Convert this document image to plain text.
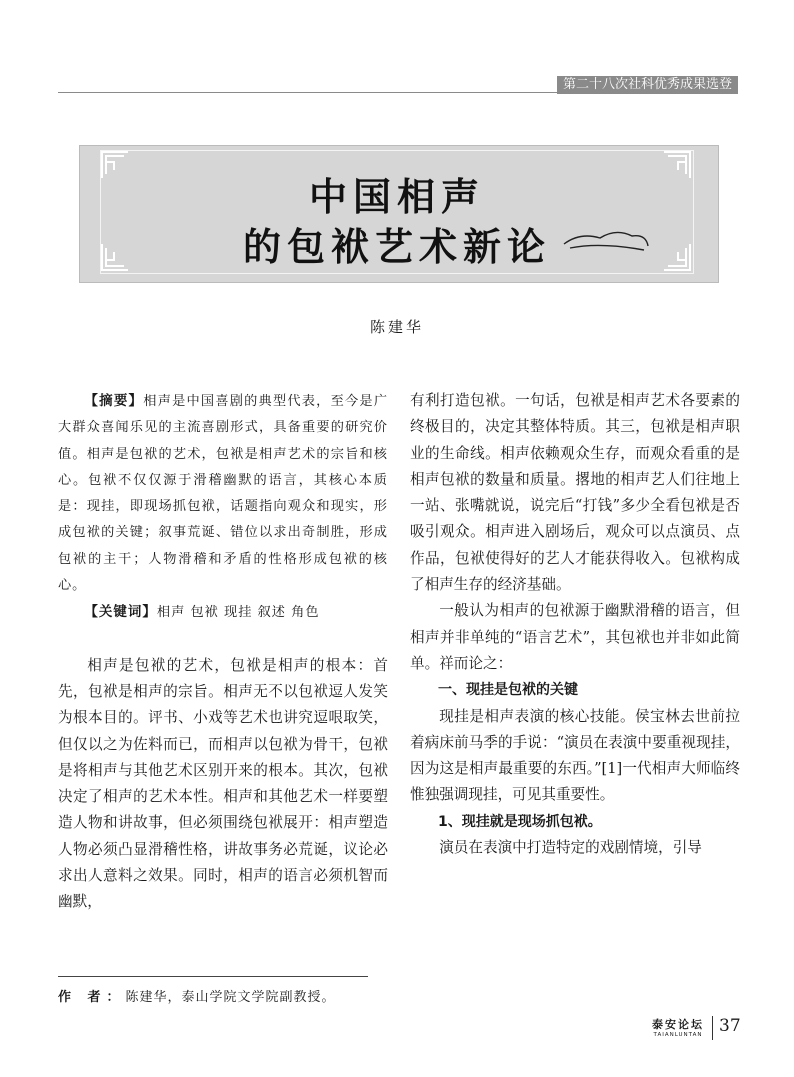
第二十八次社科优秀成果选登
中国相声
的包袱艺术新论
陈建华

【摘要】相声是中国喜剧的典型代表，至今是广大群众喜闻乐见的主流喜剧形式，具备重要的研究价值。相声是包袱的艺术，包袱是相声艺术的宗旨和核心。包袱不仅仅源于滑稽幽默的语言，其核心本质是：现挂，即现场抓包袱，话题指向观众和现实，形成包袱的关键；叙事荒诞、错位以求出奇制胜，形成包袱的主干；人物滑稽和矛盾的性格形成包袱的核心。

【关键词】相声 包袱 现挂 叙述 角色

相声是包袱的艺术，包袱是相声的根本：首先，包袱是相声的宗旨。相声无不以包袱逗人发笑为根本目的。评书、小戏等艺术也讲究逗哏取笑，但仅以之为佐料而已，而相声以包袱为骨干，包袱是将相声与其他艺术区别开来的根本。其次，包袱决定了相声的艺术本性。相声和其他艺术一样要塑造人物和讲故事，但必须围绕包袱展开：相声塑造人物必须凸显滑稽性格，讲故事务必荒诞，议论必求出人意料之效果。同时，相声的语言必须机智而幽默，

有利打造包袱。一句话，包袱是相声艺术各要素的终极目的，决定其整体特质。其三，包袱是相声职业的生命线。相声依赖观众生存，而观众看重的是相声包袱的数量和质量。撂地的相声艺人们往地上一站、张嘴就说，说完后“打钱”多少全看包袱是否吸引观众。相声进入剧场后，观众可以点演员、点作品，包袱使得好的艺人才能获得收入。包袱构成了相声生存的经济基础。

一般认为相声的包袱源于幽默滑稽的语言，但相声并非单纯的“语言艺术”，其包袱也并非如此简单。祥而论之：

一、现挂是包袱的关键

现挂是相声表演的核心技能。侯宝林去世前拉着病床前马季的手说：“演员在表演中要重视现挂，因为这是相声最重要的东西。”[1]一代相声大师临终惟独强调现挂，可见其重要性。

1、现挂就是现场抓包袱。

演员在表演中打造特定的戏剧情境，引导

作 者：陈建华，泰山学院文学院副教授。
泰安论坛
TAIANLUNTAN 37
